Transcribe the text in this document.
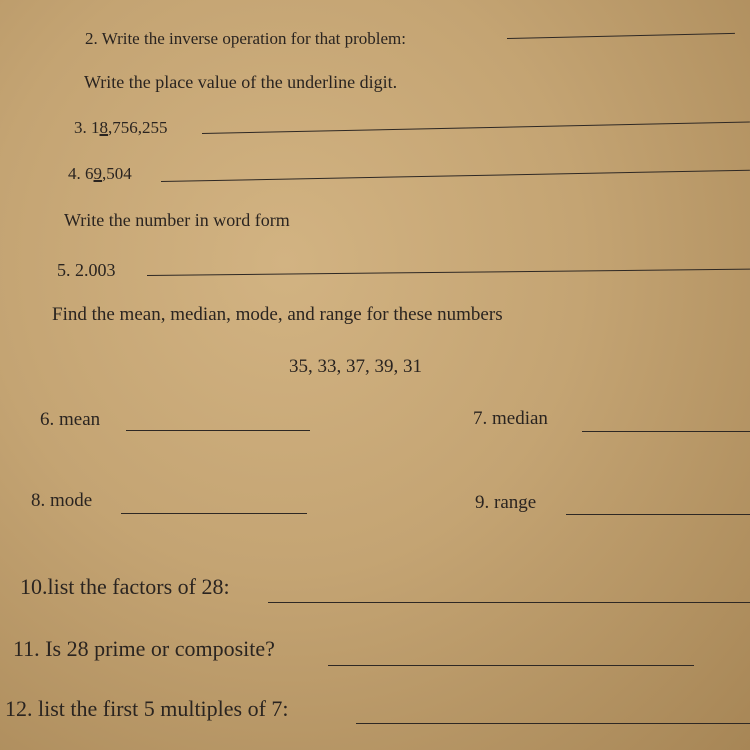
2. Write the inverse operation for that problem:
Write the place value of the underline digit.
3. 18,756,255
4. 69,504
Write the number in word form
5. 2.003
Find the mean, median, mode, and range for these numbers
35, 33, 37, 39, 31
6. mean	7. median
8. mode	9. range
10.list the factors of 28:
11. Is 28 prime or composite?
12. list the first 5 multiples of 7:
